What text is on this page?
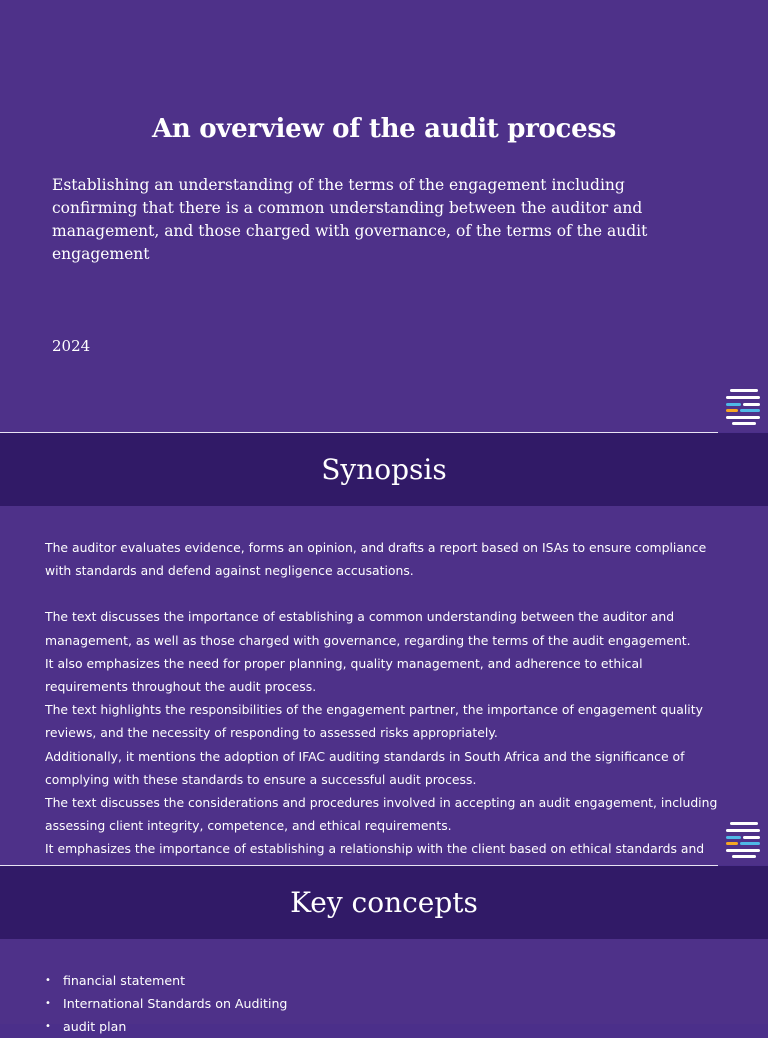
An overview of the audit process
Establishing an understanding of the terms of the engagement including confirming that there is a common understanding between the auditor and management, and those charged with governance, of the terms of the audit engagement
2024
Synopsis

The auditor evaluates evidence, forms an opinion, and drafts a report based on ISAs to ensure compliance with standards and defend against negligence accusations.

The text discusses the importance of establishing a common understanding between the auditor and management, as well as those charged with governance, regarding the terms of the audit engagement.

It also emphasizes the need for proper planning, quality management, and adherence to ethical requirements throughout the audit process.

The text highlights the responsibilities of the engagement partner, the importance of engagement quality reviews, and the necessity of responding to assessed risks appropriately.

Additionally, it mentions the adoption of IFAC auditing standards in South Africa and the significance of complying with these standards to ensure a successful audit process.

The text discusses the considerations and procedures involved in accepting an audit engagement, including assessing client integrity, competence, and ethical requirements.

It emphasizes the importance of establishing a relationship with the client based on ethical standards and

Key concepts
• financial statement
• International Standards on Auditing
• audit plan
